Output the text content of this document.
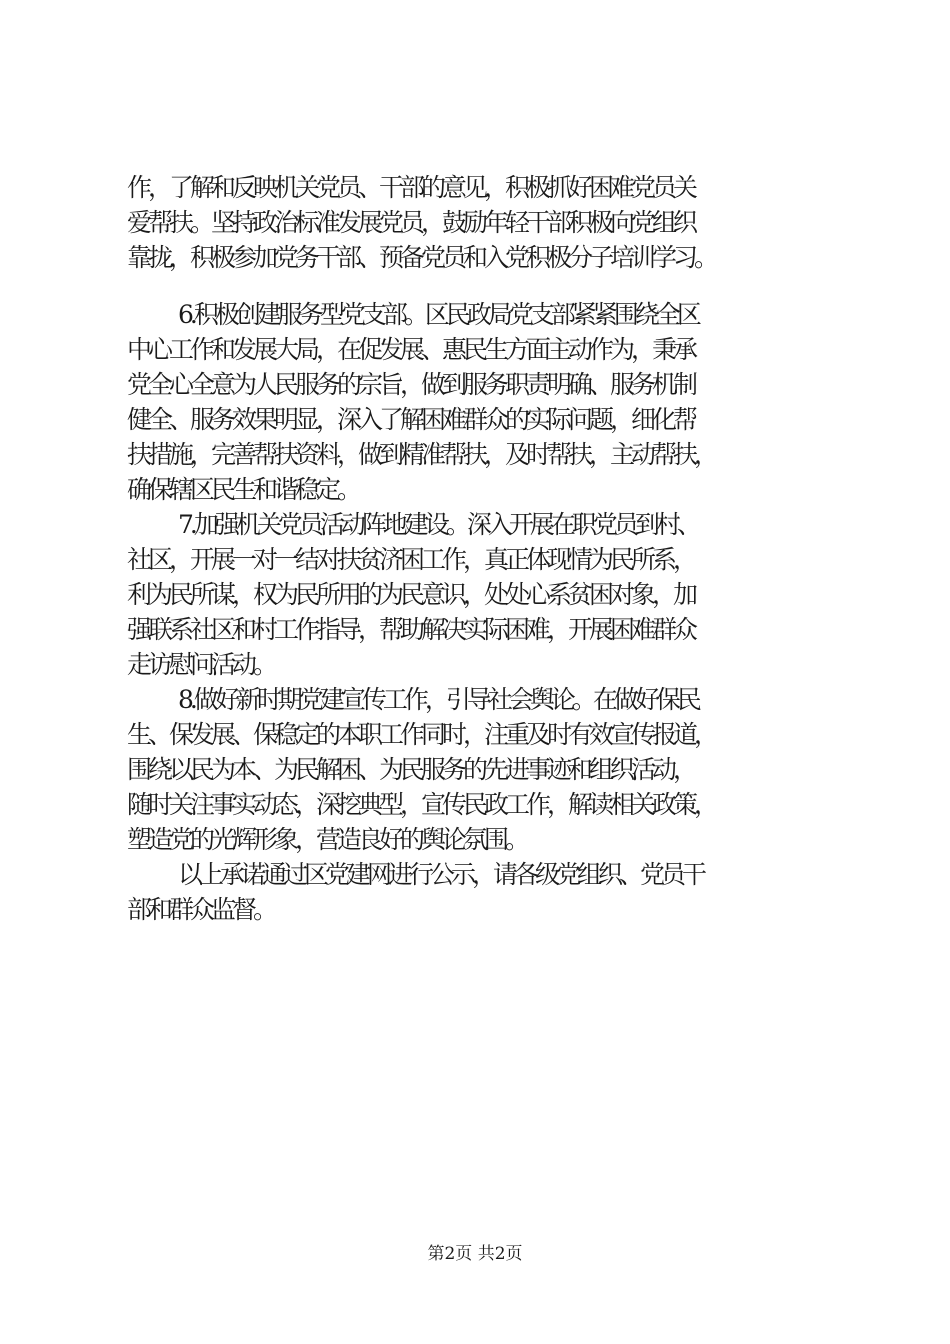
作，了解和反映机关党员、干部的意见，积极抓好困难党员关
爱帮扶。坚持政治标准发展党员，鼓励年轻干部积极向党组织
靠拢，积极参加党务干部、预备党员和入党积极分子培训学习。
6.积极创建服务型党支部。区民政局党支部紧紧围绕全区
中心工作和发展大局，在促发展、惠民生方面主动作为，秉承
党全心全意为人民服务的宗旨，做到服务职责明确、服务机制
健全、服务效果明显，深入了解困难群众的实际问题，细化帮
扶措施，完善帮扶资料，做到精准帮扶，及时帮扶，主动帮扶，
确保辖区民生和谐稳定。
7.加强机关党员活动阵地建设。深入开展在职党员到村、
社区，开展一对一结对扶贫济困工作，真正体现情为民所系，
利为民所谋，权为民所用的为民意识，处处心系贫困对象，加
强联系社区和村工作指导，帮助解决实际困难，开展困难群众
走访慰问活动。
8.做好新时期党建宣传工作，引导社会舆论。在做好保民
生、保发展、保稳定的本职工作同时，注重及时有效宣传报道，
围绕以民为本、为民解困、为民服务的先进事迹和组织活动，
随时关注事实动态，深挖典型，宣传民政工作，解读相关政策，
塑造党的光辉形象，营造良好的舆论氛围。
以上承诺通过区党建网进行公示，请各级党组织、党员干
部和群众监督。
第2页 共2页
